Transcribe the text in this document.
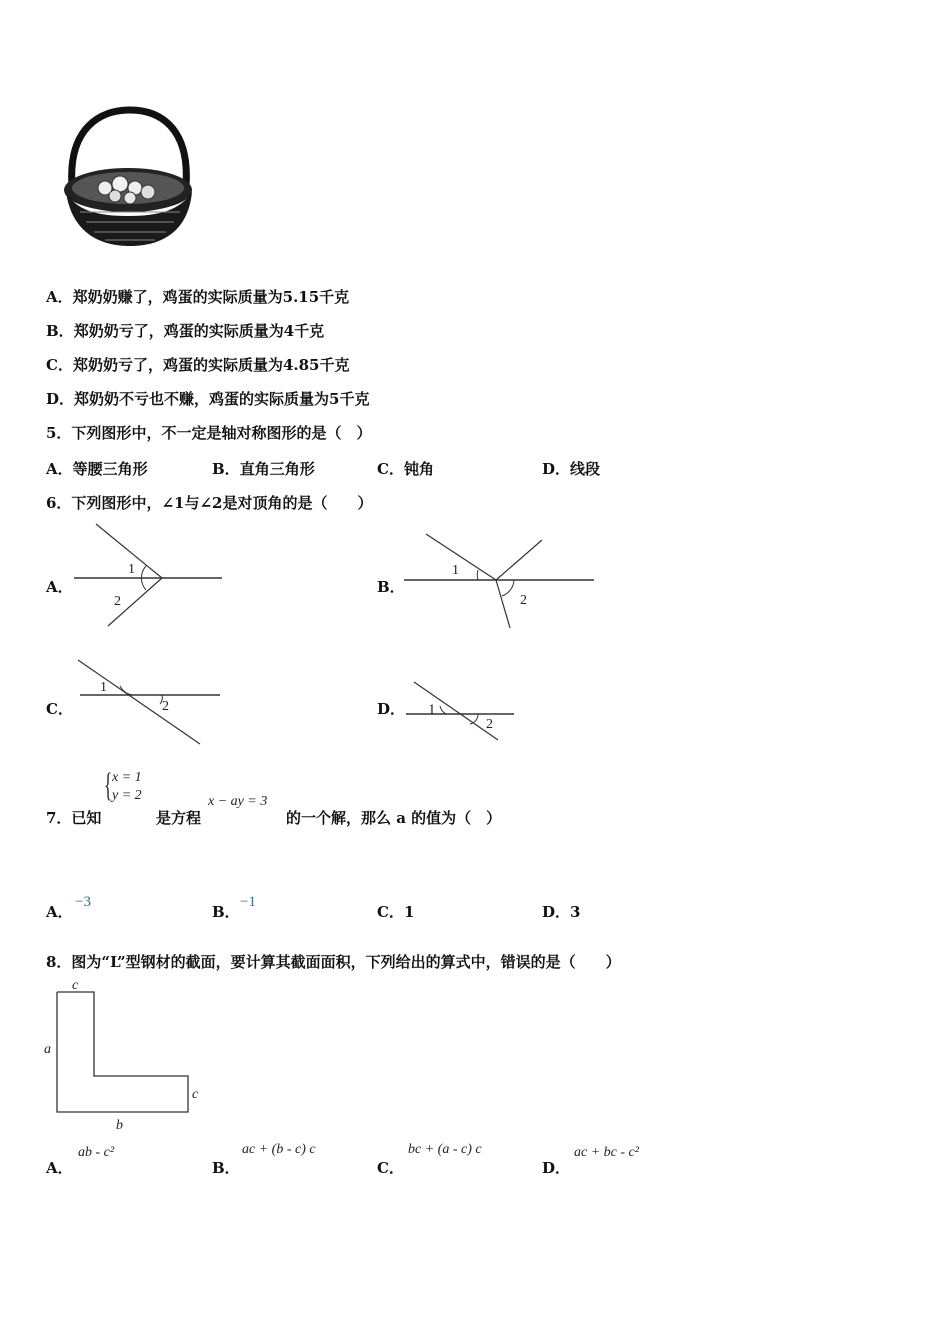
A．郑奶奶赚了，鸡蛋的实际质量为5.15千克
B．郑奶奶亏了，鸡蛋的实际质量为4千克
C．郑奶奶亏了，鸡蛋的实际质量为4.85千克
D．郑奶奶不亏也不赚，鸡蛋的实际质量为5千克
5．下列图形中，不一定是轴对称图形的是（　）
A．等腰三角形	B．直角三角形	C．钝角	D．线段
6．下列图形中，∠1与∠2是对顶角的是（　　）
A．
1
2
B．
1
2
C．
1
2	D． 1
2
7．已知
{ x = 1
y = 2
是方程
x − ay = 3
的一个解，那么 a 的值为（　）
A．
−3
B．
−1
C．1	D．3
8．图为“L”型钢材的截面，要计算其截面面积，下列给出的算式中，错误的是（　　）
c
a
c
b
A．
ab - c²
B．
ac + (b - c) c
C．
bc + (a - c) c
D．
ac + bc - c²
